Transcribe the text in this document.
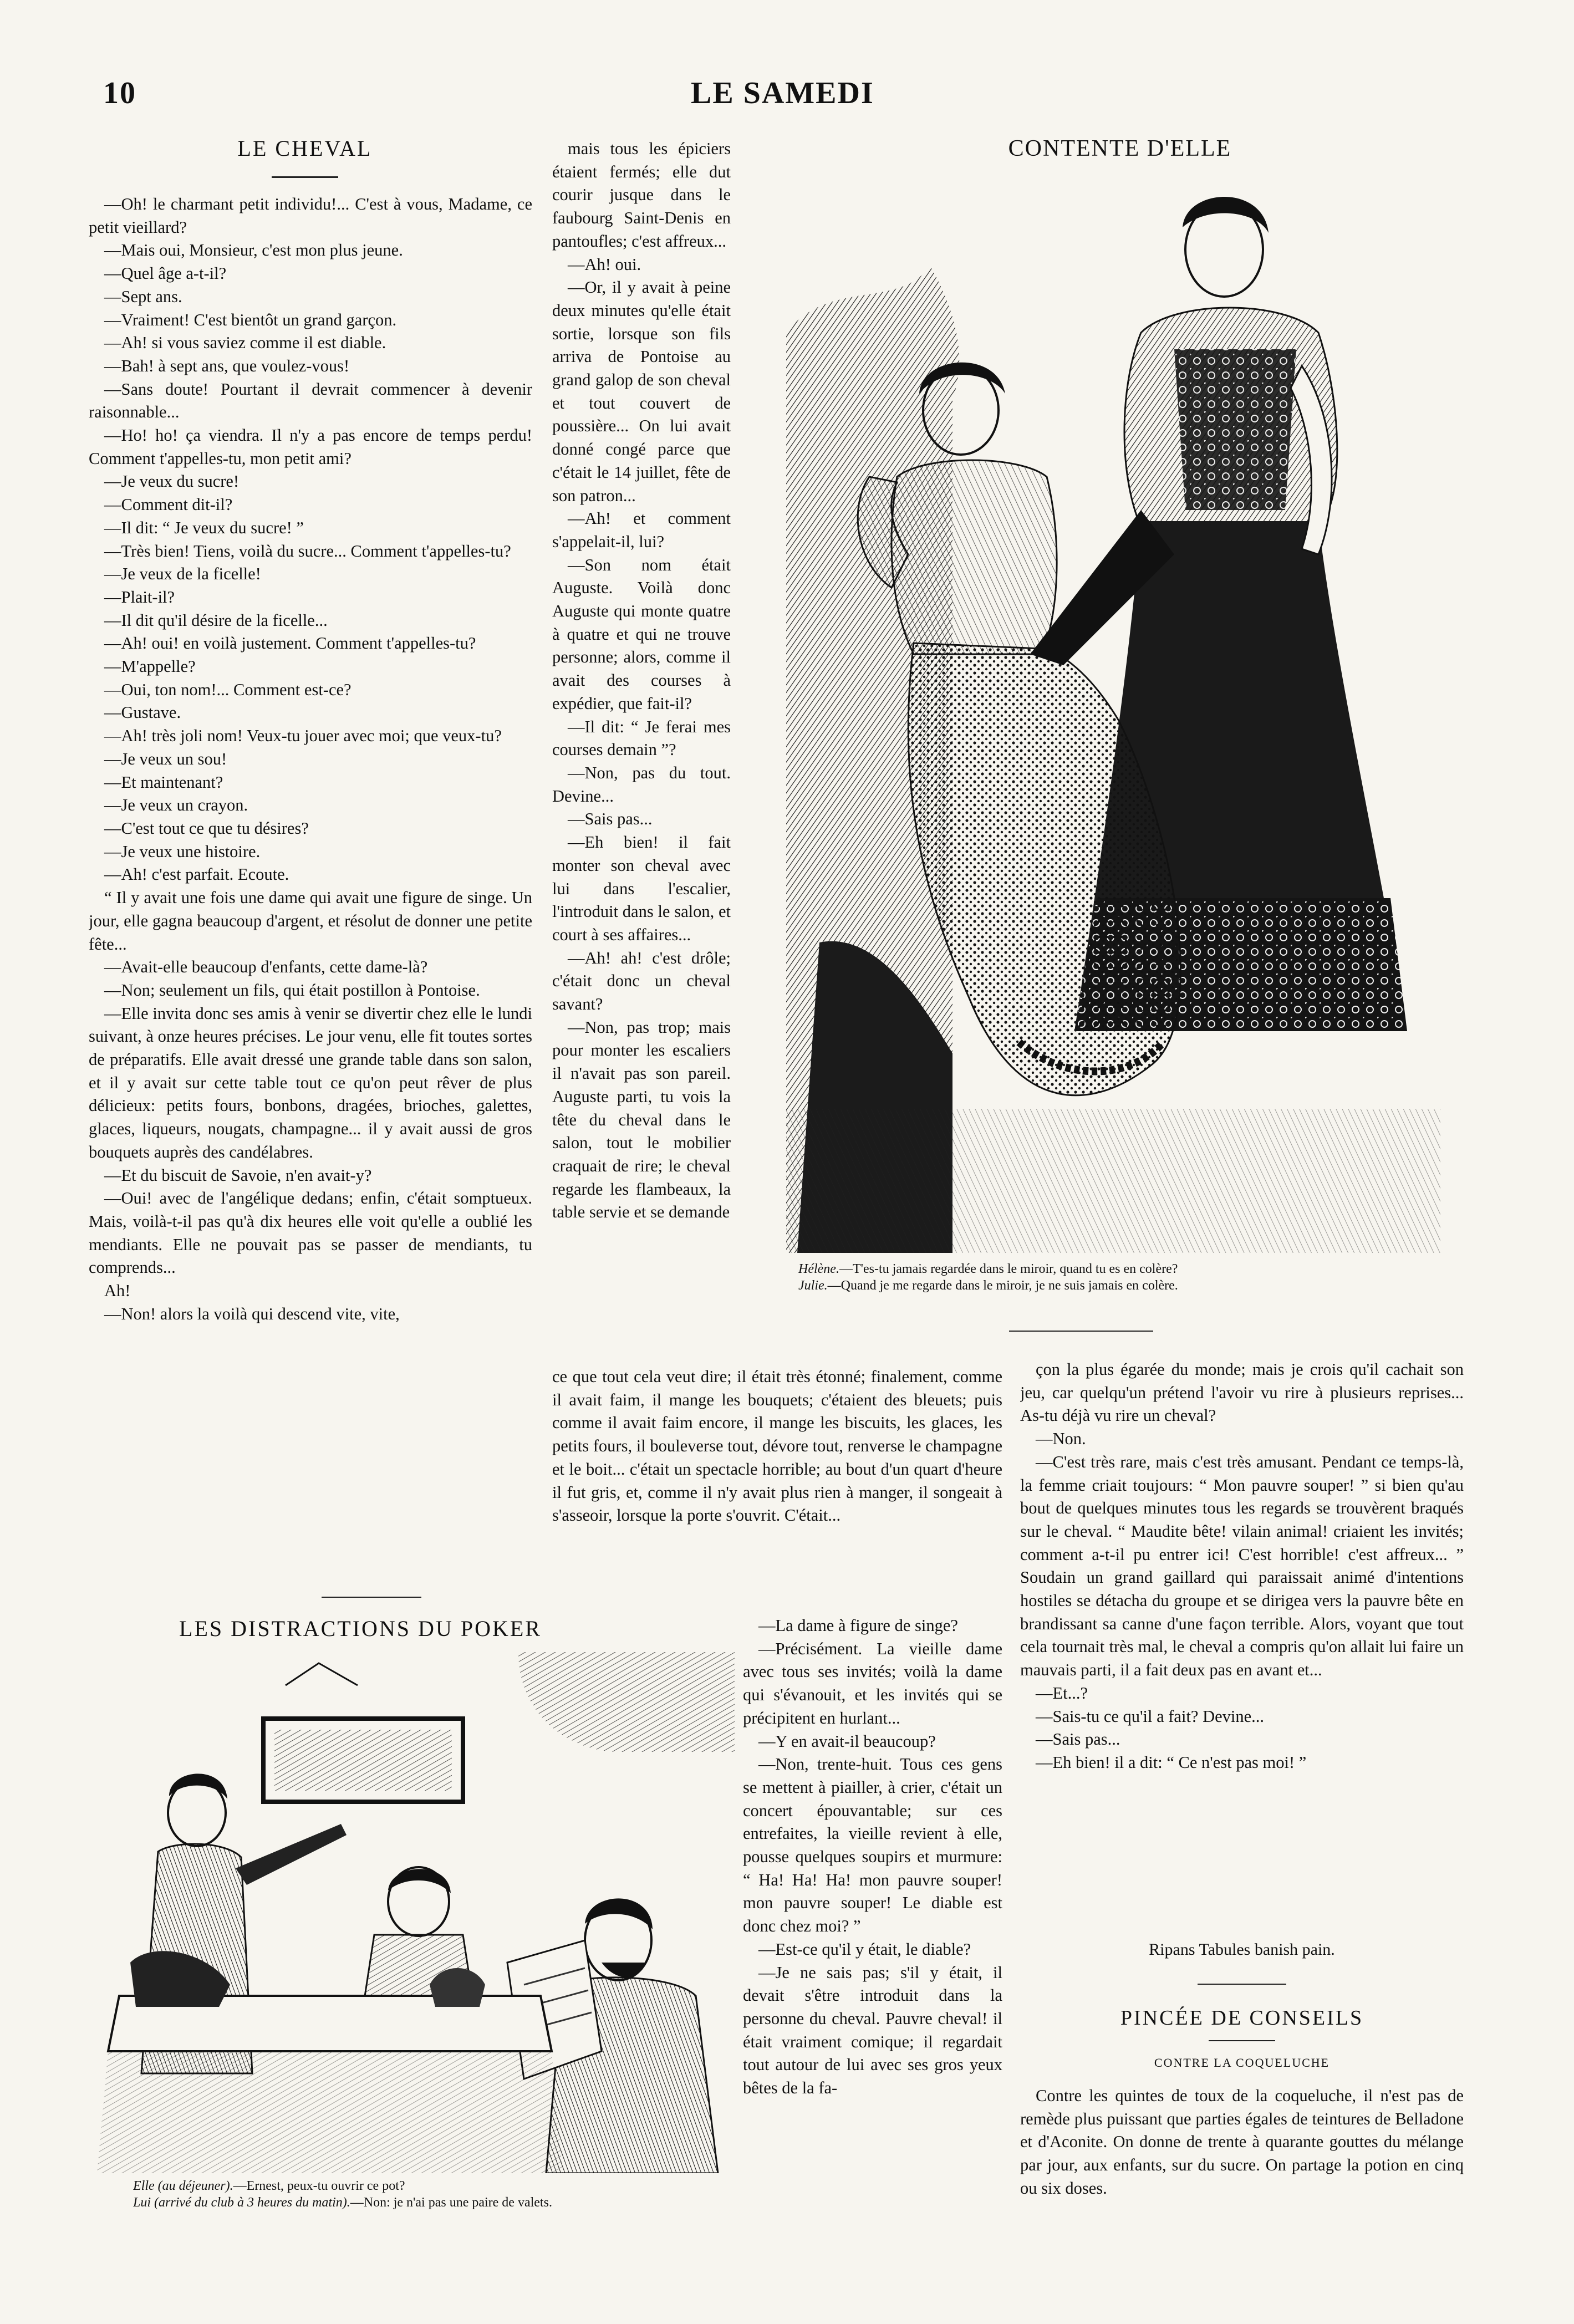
10	LE SAMEDI
LE CHEVAL

—Oh! le charmant petit individu!... C'est à vous, Madame, ce petit vieillard?

—Mais oui, Monsieur, c'est mon plus jeune.

—Quel âge a-t-il?

—Sept ans.

—Vraiment! C'est bientôt un grand garçon.

—Ah! si vous saviez comme il est diable.

—Bah! à sept ans, que voulez-vous!

—Sans doute! Pourtant il devrait commencer à devenir raisonnable...

—Ho! ho! ça viendra. Il n'y a pas encore de temps perdu! Comment t'appelles-tu, mon petit ami?

—Je veux du sucre!

—Comment dit-il?

—Il dit: “ Je veux du sucre! ”

—Très bien! Tiens, voilà du sucre... Comment t'appelles-tu?

—Je veux de la ficelle!

—Plait-il?

—Il dit qu'il désire de la ficelle...

—Ah! oui! en voilà justement. Comment t'appelles-tu?

—M'appelle?

—Oui, ton nom!... Comment est-ce?

—Gustave.

—Ah! très joli nom! Veux-tu jouer avec moi; que veux-tu?

—Je veux un sou!

—Et maintenant?

—Je veux un crayon.

—C'est tout ce que tu désires?

—Je veux une histoire.

—Ah! c'est parfait. Ecoute.

“ Il y avait une fois une dame qui avait une figure de singe. Un jour, elle gagna beaucoup d'argent, et résolut de donner une petite fête...

—Avait-elle beaucoup d'enfants, cette dame-là?

—Non; seulement un fils, qui était postillon à Pontoise.

—Elle invita donc ses amis à venir se divertir chez elle le lundi suivant, à onze heures précises. Le jour venu, elle fit toutes sortes de préparatifs. Elle avait dressé une grande table dans son salon, et il y avait sur cette table tout ce qu'on peut rêver de plus délicieux: petits fours, bonbons, dragées, brioches, galettes, glaces, liqueurs, nougats, champagne... il y avait aussi de gros bouquets auprès des candélabres.

—Et du biscuit de Savoie, n'en avait-y?

—Oui! avec de l'angélique dedans; enfin, c'était somptueux. Mais, voilà-t-il pas qu'à dix heures elle voit qu'elle a oublié les mendiants. Elle ne pouvait pas se passer de mendiants, tu comprends...

Ah!

—Non! alors la voilà qui descend vite, vite,

mais tous les épiciers étaient fermés; elle dut courir jusque dans le faubourg Saint-Denis en pantoufles; c'est affreux...

—Ah! oui.

—Or, il y avait à peine deux minutes qu'elle était sortie, lorsque son fils arriva de Pontoise au grand galop de son cheval et tout couvert de poussière... On lui avait donné congé parce que c'était le 14 juillet, fête de son patron...

—Ah! et comment s'appelait-il, lui?

—Son nom était Auguste. Voilà donc Auguste qui monte quatre à quatre et qui ne trouve personne; alors, comme il avait des courses à expédier, que fait-il?

—Il dit: “ Je ferai mes courses demain ”?

—Non, pas du tout. Devine...

—Sais pas...

—Eh bien! il fait monter son cheval avec lui dans l'escalier, l'introduit dans le salon, et court à ses affaires...

—Ah! ah! c'est drôle; c'était donc un cheval savant?

—Non, pas trop; mais pour monter les escaliers il n'avait pas son pareil. Auguste parti, tu vois la tête du cheval dans le salon, tout le mobilier craquait de rire; le cheval regarde les flambeaux, la table servie et se demande

ce que tout cela veut dire; il était très étonné; finalement, comme il avait faim, il mange les bouquets; c'étaient des bleuets; puis comme il avait faim encore, il mange les biscuits, les glaces, les petits fours, il bouleverse tout, dévore tout, renverse le champagne et le boit... c'était un spectacle horrible; au bout d'un quart d'heure il fut gris, et, comme il n'y avait plus rien à manger, il songeait à s'asseoir, lorsque la porte s'ouvrit. C'était...

—La dame à figure de singe?

—Précisément. La vieille dame avec tous ses invités; voilà la dame qui s'évanouit, et les invités qui se précipitent en hurlant...

—Y en avait-il beaucoup?

—Non, trente-huit. Tous ces gens se mettent à piailler, à crier, c'était un concert épouvantable; sur ces entrefaites, la vieille revient à elle, pousse quelques soupirs et murmure: “ Ha! Ha! Ha! mon pauvre souper! mon pauvre souper! Le diable est donc chez moi? ”

—Est-ce qu'il y était, le diable?

—Je ne sais pas; s'il y était, il devait s'être introduit dans la personne du cheval. Pauvre cheval! il était vraiment comique; il regardait tout autour de lui avec ses gros yeux bêtes de la fa-

çon la plus égarée du monde; mais je crois qu'il cachait son jeu, car quelqu'un prétend l'avoir vu rire à plusieurs reprises... As-tu déjà vu rire un cheval?

—Non.

—C'est très rare, mais c'est très amusant. Pendant ce temps-là, la femme criait toujours: “ Mon pauvre souper! ” si bien qu'au bout de quelques minutes tous les regards se trouvèrent braqués sur le cheval. “ Maudite bête! vilain animal! criaient les invités; comment a-t-il pu entrer ici! C'est horrible! c'est affreux... ” Soudain un grand gaillard qui paraissait animé d'intentions hostiles se détacha du groupe et se dirigea vers la pauvre bête en brandissant sa canne d'une façon terrible. Alors, voyant que tout cela tournait très mal, le cheval a compris qu'on allait lui faire un mauvais parti, il a fait deux pas en avant et...

—Et...?

—Sais-tu ce qu'il a fait? Devine...

—Sais pas...

—Eh bien! il a dit: “ Ce n'est pas moi! ”

CONTENTE D'ELLE
Hélène.—T'es-tu jamais regardée dans le miroir, quand tu es en colère?
Julie.—Quand je me regarde dans le miroir, je ne suis jamais en colère.
LES DISTRACTIONS DU POKER
Elle (au déjeuner).—Ernest, peux-tu ouvrir ce pot?
Lui (arrivé du club à 3 heures du matin).—Non: je n'ai pas une paire de valets.
Ripans Tabules banish pain.
PINCÉE DE CONSEILS
CONTRE LA COQUELUCHE

Contre les quintes de toux de la coqueluche, il n'est pas de remède plus puissant que parties égales de teintures de Belladone et d'Aconite. On donne de trente à quarante gouttes du mélange par jour, aux enfants, sur du sucre. On partage la potion en cinq ou six doses.
